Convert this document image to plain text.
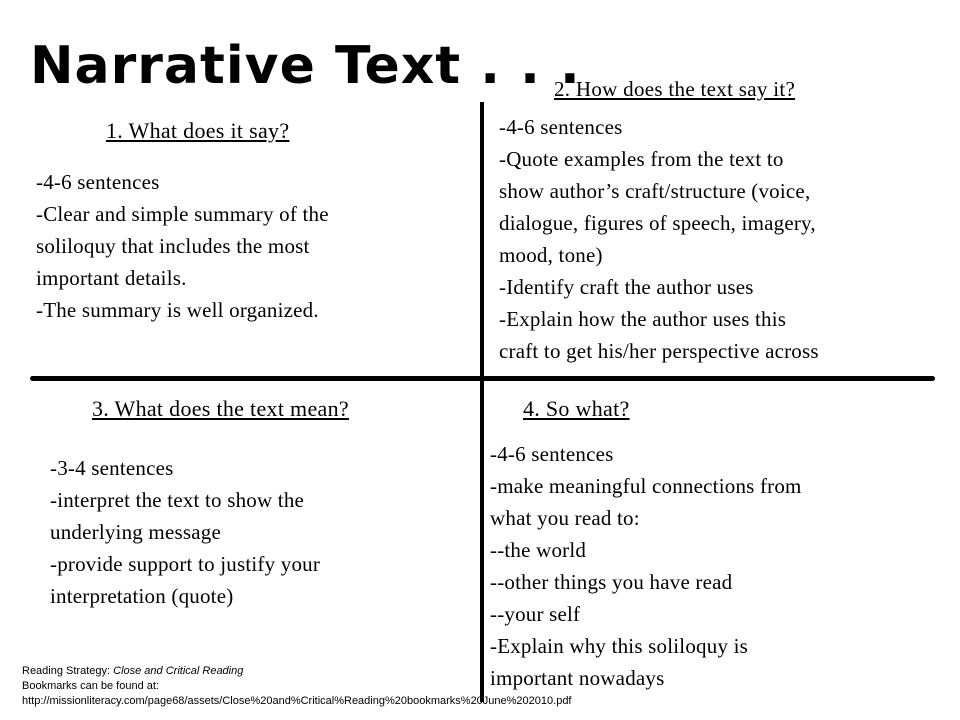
Narrative Text . . .
1. What does it say?
-4-6 sentences
-Clear and simple summary of the
soliloquy that includes the most
important details.
-The summary is well organized.
2. How does the text say it?
-4-6 sentences
-Quote examples from the text to
show author’s craft/structure (voice,
dialogue, figures of speech, imagery,
mood, tone)
-Identify craft the author uses
-Explain how the author uses this
craft to get his/her perspective across
3. What does the text mean?
-3-4 sentences
-interpret the text to show the
underlying message
-provide support to justify your
interpretation (quote)
4. So what?
-4-6 sentences
-make meaningful connections from
what you read to:
--the world
--other things you have read
--your self
-Explain why this soliloquy is
important nowadays
Reading Strategy: Close and Critical Reading
Bookmarks can be found at:
http://missionliteracy.com/page68/assets/Close%20and%Critical%Reading%20bookmarks%20June%202010.pdf
